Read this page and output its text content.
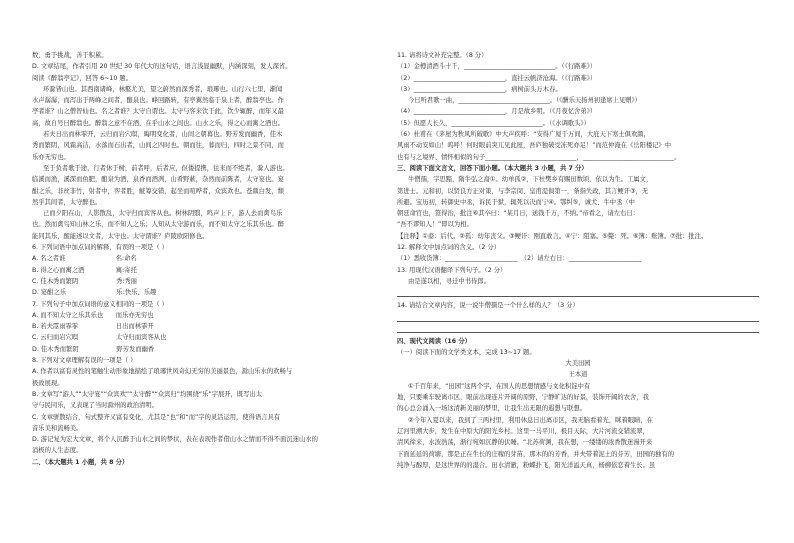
数，勇于挑战，善于积累。

D. 文章结尾，作者引用 20 世纪 30 年代大的这句话，语言浅显幽默，内涵深刻，发人深省。

阅读《醉翁亭记》，回答 6~10 题。

环滁皆山也。其西南诸峰，林壑尤美，望之蔚然而深秀者，琅琊也。山行六七里，渐闻

水声潺潺，而泻出于两峰之间者，酿泉也。峰回路转，有亭翼然临于泉上者，醉翁亭也。作

亭者谁？山之僧智仙也。名之者谁？太守自谓也。太守与客来饮于此，饮少辄醉，而年又最

高，故自号曰醉翁也。醉翁之意不在酒，在乎山水之间也。山水之乐，得之心而寓之酒也。

若夫日出而林霏开，云归而岩穴暝，晦明变化者，山间之朝暮也。野芳发而幽香，佳木

秀而繁阴，风霜高洁，水落而石出者，山间之四时也。朝而往，暮而归，四时之景不同，而

乐亦无穷也。

至于负者歌于途，行者休于树，前者呼，后者应，伛偻提携，往来而不绝者，滁人游也。

临溪而渔，溪深而鱼肥，酿泉为酒，泉香而酒洌，山肴野蔌，杂然而前陈者，太守宴也。宴

酣之乐，非丝非竹，射者中，弈者胜，觥筹交错，起坐而喧哗者，众宾欢也。苍颜白发，颓

然乎其间者，太守醉也。

已而夕阳在山，人影散乱，太守归而宾客从也。树林阴翳，鸣声上下，游人去而禽鸟乐

也。然而禽鸟知山林之乐，而不知人之乐；人知从太守游而乐，而不知太守之乐其乐也。醉

能同其乐，醒能述以文者，太守也。太守谓谁？庐陵欧阳修也。

6. 下列词语中加点词的解释，有误的一项是（ ）

A. 名之者谁　　　　　　　　名:命名

B. 得之心而寓之酒　　　　　寓:寄托

C. 佳木秀而繁阴　　　　　　秀:秀丽

D. 宴酣之乐　　　　　　　　乐:快乐、乐趣

7. 下列句子中加点词语的意义相同的一项是（ ）

A. 而不知太守之乐其乐也　　而乐亦无穷也

B. 若夫霪雨霏霏　　　　　　日出而林霏开

C. 云归而岩穴暝　　　　　　太守归而宾客从也

D. 佳木秀而繁阴　　　　　　野芳发而幽香

8. 下列对文章理解有误的一项是（ ）

A. 作者以富有灵性的笔触生动形象地描绘了琅琊世风奇幻无穷的美丽景色，滁山乐水的欢畅与

极致展现。

B. 文章写“游人”“太守宴”“众宾欢”“太守醉”“众宾归”均围绕“乐”字展开，既写出太

守与民同乐，又表现了当时滁州的政治清明。

C. 文章骈散结合，句式整齐又富有变化，尤其是“也”和“而”字的灵活运用，使得语言具有

音乐美和流畅美。

D. 游记复为宏大文章，将个人沉醉于山水之间的梦状，表在表现作者借山水之情而不得不面沉迷山水的

消极的人生态度。

二、（本大题共 1 小题，共 8 分）

11. 请将诗文补充完整。（8 分）

（1）金樽清酒斗十千，_____________________________。（《行路难》）

（2）_____________________________，直挂云帆济沧海。（《行路难》）

（3）_____________________________，病树前头万木春。

今日听君歌一曲，_____________________________。（《酬乐天扬州初逢席上见赠》）

（4）_____________________________，月是故乡明。（《月夜忆舍弟》）

（5）但愿人长久，_____________________________。（《水调歌头》）

（6）杜甫在《茅屋为秋风所破歌》中大声疾呼：“安得广厦千万间，大庇天下寒士俱欢颜，

风雨不动安如山！呜呼！何时眼前突兀见此屋，吾庐独破受冻死亦足！”而范仲淹在《岳阳楼记》中

也有与之境界、情怀相似的句子_____________________________，_____________________________。

三、阅读下面文言文，回答下面小题。（本大题共 3 小题，共 7 分）

牛僧孺，字思黯，隋牛弘之裔①。幼单孤②，下杜樊乡有赐田数顷，依以为生。工属文，

第进士。元和初，以贤良方正对策，与李宗闵、皇甫湜俱第一，条指失政，其言鲠讦③，无

所避。宝历初，转御史中丞，诉民于狱，辄死以决而宁④。鄂纠⑤，诚犬、牛中丞（中

朝廷命官也，签得治，批注⑥其卒曰：“某月日，送钱千万，不纳。”帝看之，请左右日：

“吾不谬知人！”即以为相。

【注释】①裔：后代。②孤：幼年丧父。③鲠讦：刚直敢言。④宁：阻塞。⑤斃：死。⑥簿：账簿。⑦批：批注。

12. 解释文中加点词的含义。（2 分）

（1）悉收货簿：_______________________　（2）请左右日：_______________________

13. 用现代汉语翻译下列句子。（2 分）

由是遂以相，寻迁中书侍郎。

14. 请结合文章内容，说一说牛僧孺是一个什么样的人？（3 分）

四、现代文阅读（16 分）

（一）阅读下面的文学类文本，完成 13~17 题。

大美田园

王本道

①千百年来，“田园”这两个字，在国人的思想情感与文化积淀中有

地，只要乘车驶离市区，眼前出现连片开阔的原野，宁静旷达的好景，装饰开阔的农舍，我

的心总会涌入一场这清新美丽的梦里，让我生出无限的遐想与联想。

②今年入夏以来，我到了三两村里，利用休息日出离市区，我无脑看着光，眯着眼睛，在

辽河里溯大步，发生在中原大的阳光乡村。这里一马平川，极目天际，大片河流交错流翠，

清风徐来，水波浩荡，渐行宛如沉静的伏睡。“北苏荷渊，我在想，一缕缕的浓香散迷漫开来

下面延延的荷塘，那是正在生长的庄稼的芽苗，那木的的芳香，并夫带着泥土的芬芳，田园的独有的

纯净与醇厚，是这世界的的湿合。田水清澈，粉蝶扑飞，阳光洋溢天真，杨柳依恋着生长。虽
